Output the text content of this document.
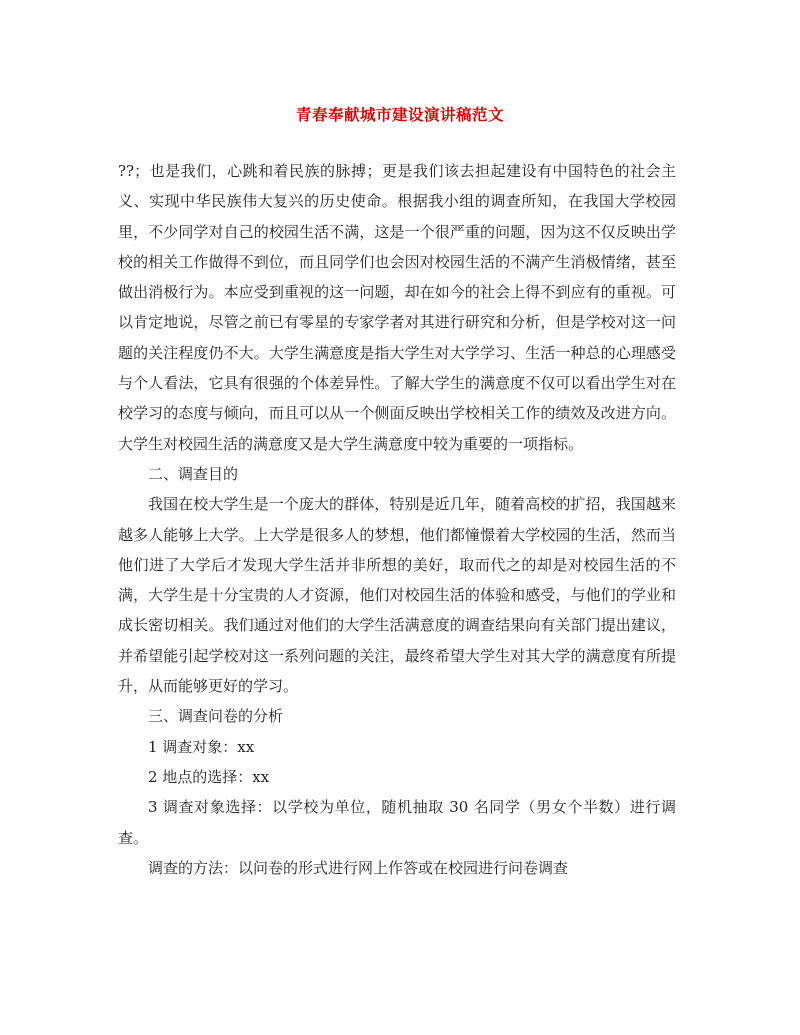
青春奉献城市建设演讲稿范文

??；也是我们，心跳和着民族的脉搏；更是我们该去担起建设有中国特色的社会主义、实现中华民族伟大复兴的历史使命。根据我小组的调查所知，在我国大学校园里，不少同学对自己的校园生活不满，这是一个很严重的问题，因为这不仅反映出学校的相关工作做得不到位，而且同学们也会因对校园生活的不满产生消极情绪，甚至做出消极行为。本应受到重视的这一问题，却在如今的社会上得不到应有的重视。可以肯定地说，尽管之前已有零星的专家学者对其进行研究和分析，但是学校对这一问题的关注程度仍不大。大学生满意度是指大学生对大学学习、生活一种总的心理感受与个人看法，它具有很强的个体差异性。了解大学生的满意度不仅可以看出学生对在校学习的态度与倾向，而且可以从一个侧面反映出学校相关工作的绩效及改进方向。大学生对校园生活的满意度又是大学生满意度中较为重要的一项指标。

二、调查目的

我国在校大学生是一个庞大的群体，特别是近几年，随着高校的扩招，我国越来越多人能够上大学。上大学是很多人的梦想，他们都憧憬着大学校园的生活，然而当他们进了大学后才发现大学生活并非所想的美好，取而代之的却是对校园生活的不满，大学生是十分宝贵的人才资源，他们对校园生活的体验和感受，与他们的学业和成长密切相关。我们通过对他们的大学生活满意度的调查结果向有关部门提出建议，并希望能引起学校对这一系列问题的关注，最终希望大学生对其大学的满意度有所提升，从而能够更好的学习。

三、调查问卷的分析

1 调查对象：xx

2 地点的选择：xx

3 调查对象选择：以学校为单位，随机抽取 30 名同学（男女个半数）进行调查。

调查的方法：以问卷的形式进行网上作答或在校园进行问卷调查
